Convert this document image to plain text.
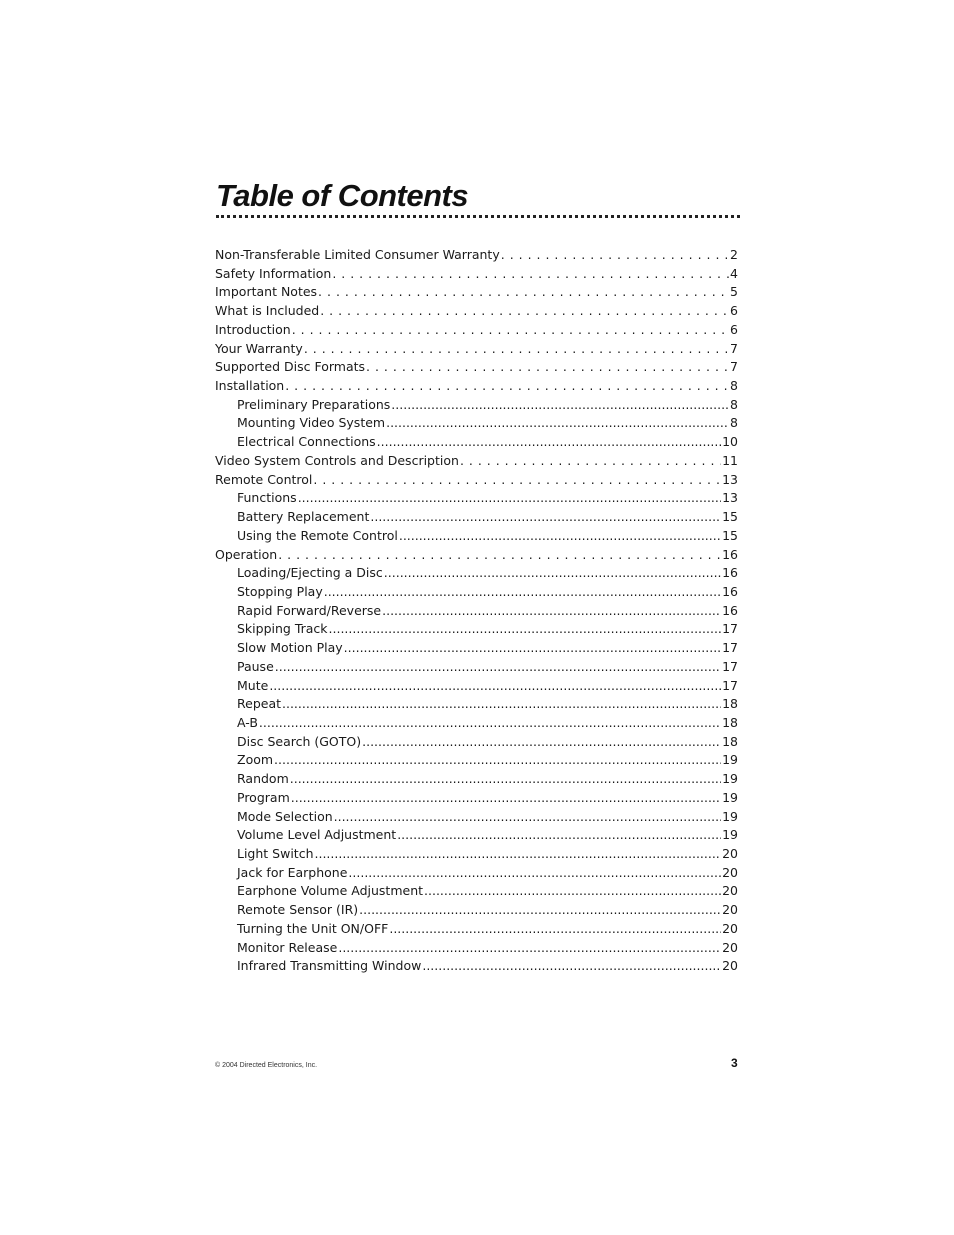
Table of Contents
Non-Transferable Limited Consumer Warranty . . .	2
Safety Information . . .	4
Important Notes . . .	5
What is Included . . .	6
Introduction . . .	6
Your Warranty . . .	7
Supported Disc Formats . . .	7
Installation . . .	8
Preliminary Preparations .....	8
Mounting Video System .....	8
Electrical Connections .....	10
Video System Controls and Description . . .	11
Remote Control . . .	13
Functions .....	13
Battery Replacement .....	15
Using the Remote Control .....	15
Operation . . .	16
Loading/Ejecting a Disc .....	16
Stopping Play .....	16
Rapid Forward/Reverse .....	16
Skipping Track .....	17
Slow Motion Play .....	17
Pause .....	17
Mute .....	17
Repeat .....	18
A-B .....	18
Disc Search (GOTO) .....	18
Zoom .....	19
Random .....	19
Program .....	19
Mode Selection .....	19
Volume Level Adjustment .....	19
Light Switch .....	20
Jack for Earphone .....	20
Earphone Volume Adjustment .....	20
Remote Sensor (IR) .....	20
Turning the Unit ON/OFF .....	20
Monitor Release .....	20
Infrared Transmitting Window .....	20
© 2004 Directed Electronics, Inc.	3
